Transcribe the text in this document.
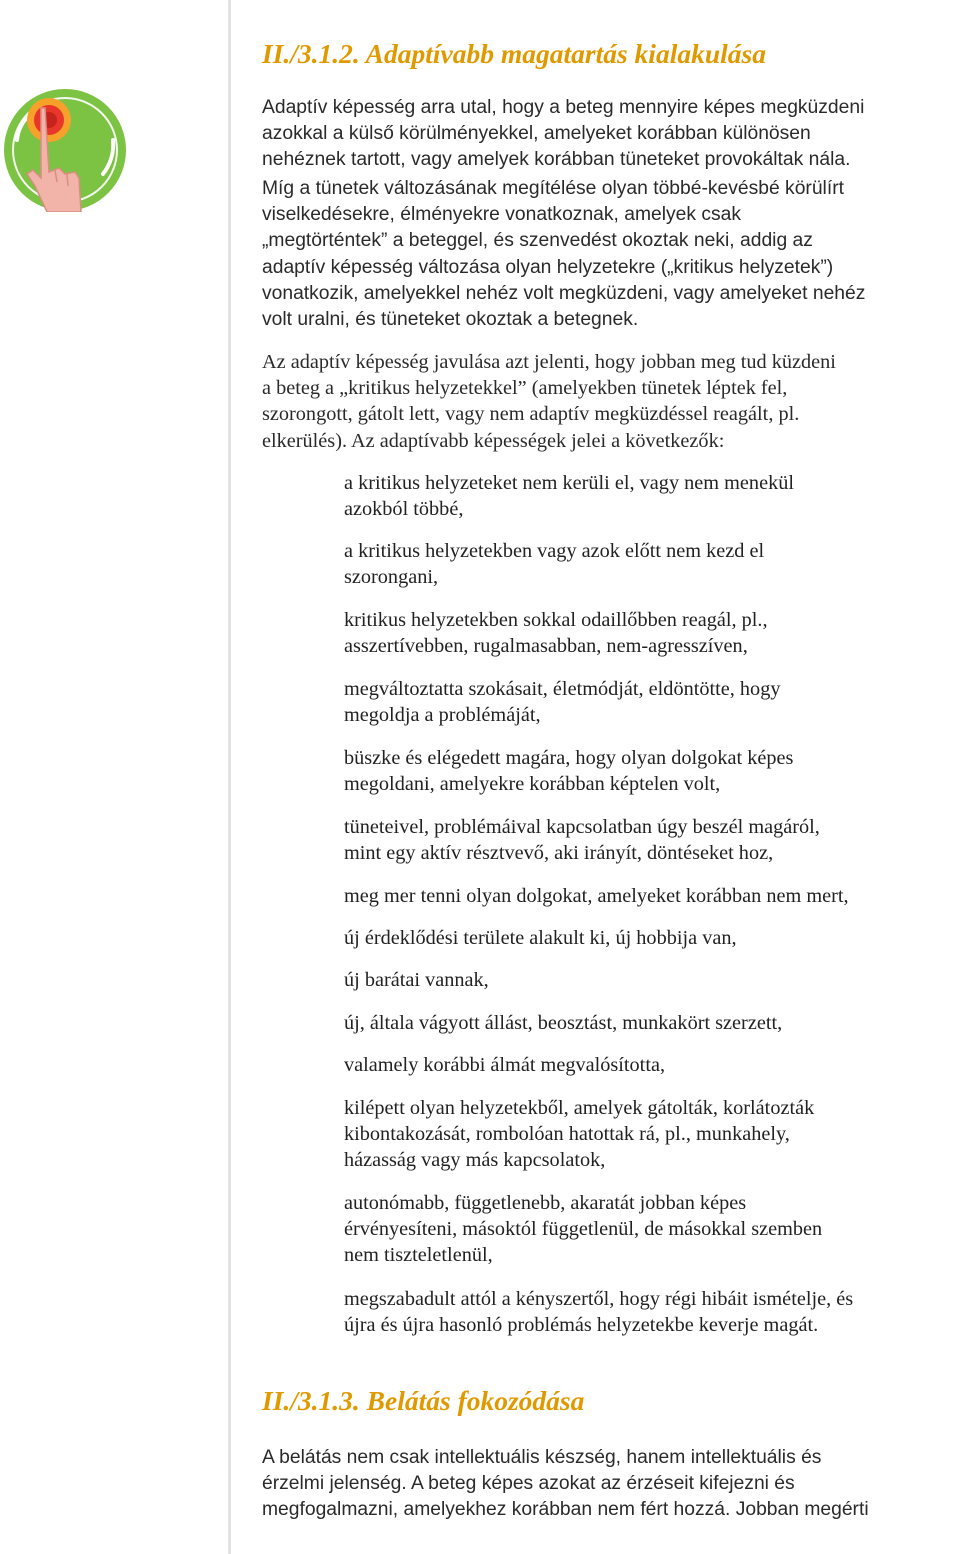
II./3.1.2. Adaptívabb magatartás kialakulása
Adaptív képesség arra utal, hogy a beteg mennyire képes megküzdeni
azokkal a külső körülményekkel, amelyeket korábban különösen
nehéznek tartott, vagy amelyek korábban tüneteket provokáltak nála.
Míg a tünetek változásának megítélése olyan többé-kevésbé körülírt
viselkedésekre, élményekre vonatkoznak, amelyek csak
„megtörténtek” a beteggel, és szenvedést okoztak neki, addig az
adaptív képesség változása olyan helyzetekre („kritikus helyzetek”)
vonatkozik, amelyekkel nehéz volt megküzdeni, vagy amelyeket nehéz
volt uralni, és tüneteket okoztak a betegnek.
Az adaptív képesség javulása azt jelenti, hogy jobban meg tud küzdeni
a beteg a „kritikus helyzetekkel” (amelyekben tünetek léptek fel,
szorongott, gátolt lett, vagy nem adaptív megküzdéssel reagált, pl.
elkerülés). Az adaptívabb képességek jelei a következők:
a kritikus helyzeteket nem kerüli el, vagy nem menekül
azokból többé,
a kritikus helyzetekben vagy azok előtt nem kezd el
szorongani,
kritikus helyzetekben sokkal odaillőbben reagál, pl.,
asszertívebben, rugalmasabban, nem-agresszíven,
megváltoztatta szokásait, életmódját, eldöntötte, hogy
megoldja a problémáját,
büszke és elégedett magára, hogy olyan dolgokat képes
megoldani, amelyekre korábban képtelen volt,
tüneteivel, problémáival kapcsolatban úgy beszél magáról,
mint egy aktív résztvevő, aki irányít, döntéseket hoz,
meg mer tenni olyan dolgokat, amelyeket korábban nem mert,
új érdeklődési területe alakult ki, új hobbija van,
új barátai vannak,
új, általa vágyott állást, beosztást, munkakört szerzett,
valamely korábbi álmát megvalósította,
kilépett olyan helyzetekből, amelyek gátolták, korlátozták
kibontakozását, rombolóan hatottak rá, pl., munkahely,
házasság vagy más kapcsolatok,
autonómabb, függetlenebb, akaratát jobban képes
érvényesíteni, másoktól függetlenül, de másokkal szemben
nem tiszteletlenül,
megszabadult attól a kényszertől, hogy régi hibáit ismételje, és
újra és újra hasonló problémás helyzetekbe keverje magát.
II./3.1.3. Belátás fokozódása
A belátás nem csak intellektuális készség, hanem intellektuális és
érzelmi jelenség. A beteg képes azokat az érzéseit kifejezni és
megfogalmazni, amelyekhez korábban nem fért hozzá. Jobban megérti
